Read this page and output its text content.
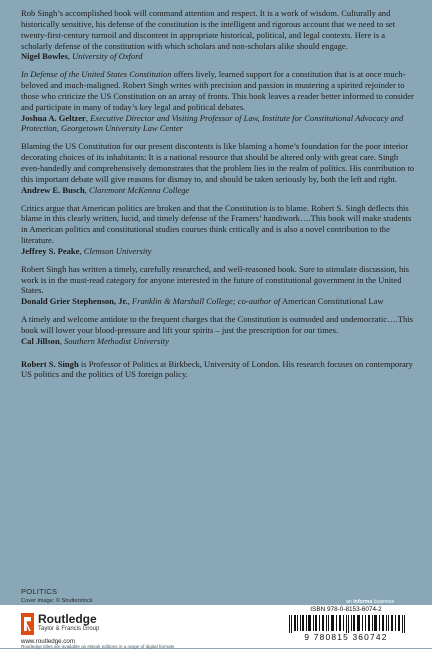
Rob Singh’s accomplished book will command attention and respect. It is a work of wisdom. Culturally and historically sensitive, his defense of the constitution is the intelligent and rigorous account that we need to set twenty-first-century turmoil and discontent in appropriate historical, political, and legal contexts. Here is a scholarly defense of the constitution with which scholars and non-scholars alike should engage.

Nigel Bowles, University of Oxford

In Defense of the United States Constitution offers lively, learned support for a constitution that is at once much-beloved and much-maligned. Robert Singh writes with precision and passion in mustering a spirited rejoinder to those who criticize the US Constitution on an array of fronts. This book leaves a reader better informed to consider and participate in many of today’s key legal and political debates.

Joshua A. Geltzer, Executive Director and Visiting Professor of Law, Institute for Constitutional Advocacy and Protection, Georgetown University Law Center

Blaming the US Constitution for our present discontents is like blaming a home’s foundation for the poor interior decorating choices of its inhabitants: It is a national resource that should be altered only with great care. Singh even-handedly and comprehensively demonstrates that the problem lies in the realm of politics. His contribution to this important debate will give reasons for dismay to, and should be taken seriously by, both the left and right.

Andrew E. Busch, Claremont McKenna College

Critics argue that American politics are broken and that the Constitution is to blame. Robert S. Singh deflects this blame in this clearly written, lucid, and timely defense of the Framers’ handiwork….This book will make students in American politics and constitutional studies courses think critically and is also a novel contribution to the literature.

Jeffrey S. Peake, Clemson University

Robert Singh has written a timely, carefully researched, and well-reasoned book. Sure to stimulate discussion, his work is in the must-read category for anyone interested in the future of constitutional government in the United States.

Donald Grier Stephenson, Jr., Franklin & Marshall College; co-author of American Constitutional Law

A timely and welcome antidote to the frequent charges that the Constitution is outmoded and undemocratic….This book will lower your blood-pressure and lift your spirits – just the prescription for our times.

Cal Jillson, Southern Methodist University

Robert S. Singh is Professor of Politics at Birkbeck, University of London. His research focuses on contemporary US politics and the politics of US foreign policy.

POLITICS
Cover image: © Shutterstock	an informa business
Routledge
Taylor & Francis Group
www.routledge.com
ISBN 978-0-8153-6074-2
9 780815 360742
Routledge titles are available as eBook editions in a range of digital formats
